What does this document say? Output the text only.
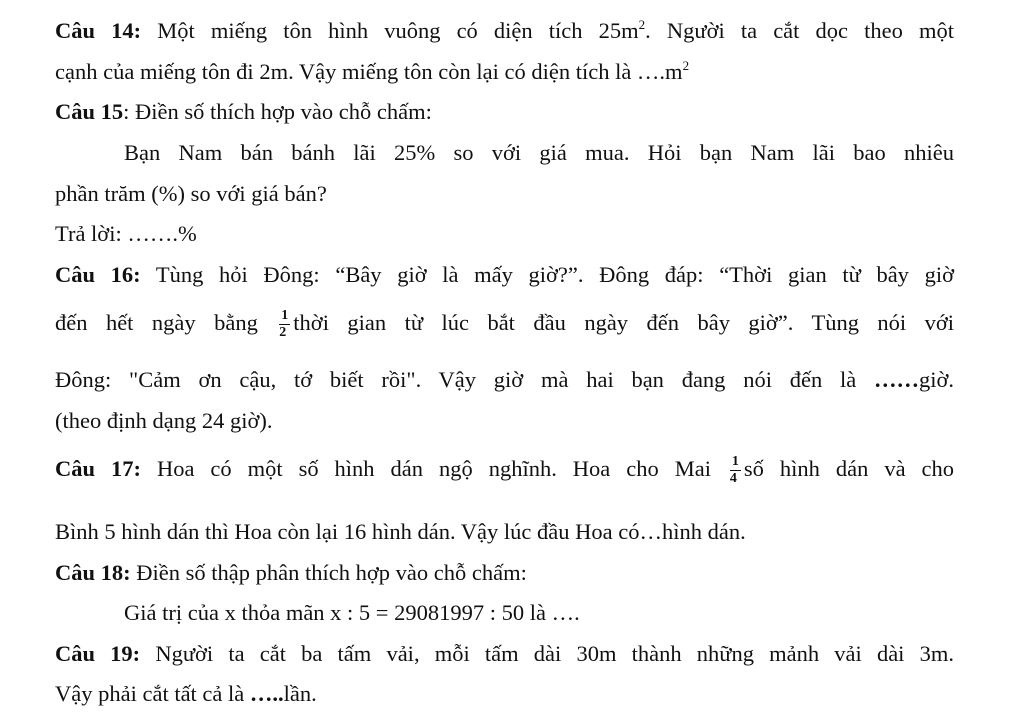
Câu 14: Một miếng tôn hình vuông có diện tích $25m^2$. Người ta cắt dọc theo một
cạnh của miếng tôn đi 2m. Vậy miếng tôn còn lại có diện tích là $\dots.m^2$
Câu 15: Điền số thích hợp vào chỗ chấm:
Bạn Nam bán bánh lãi 25% so với giá mua. Hỏi bạn Nam lãi bao nhiêu
phần trăm (%) so với giá bán?
Trả lời: …….%
Câu 16: Tùng hỏi Đông: “Bây giờ là mấy giờ?”. Đông đáp: “Thời gian từ bây giờ
đến hết ngày bằng $\frac{1}{2}$ thời gian từ lúc bắt đầu ngày đến bây giờ”. Tùng nói với
Đông: "Cảm ơn cậu, tớ biết rồi". Vậy giờ mà hai bạn đang nói đến là ……giờ.
(theo định dạng 24 giờ).
Câu 17: Hoa có một số hình dán ngộ nghĩnh. Hoa cho Mai $\frac{1}{4}$ số hình dán và cho
Bình 5 hình dán thì Hoa còn lại 16 hình dán. Vậy lúc đầu Hoa có…hình dán.
Câu 18: Điền số thập phân thích hợp vào chỗ chấm:
Giá trị của x thỏa mãn x : 5 = 29081997 : 50 là ….
Câu 19: Người ta cắt ba tấm vải, mỗi tấm dài 30m thành những mảnh vải dài 3m.
Vậy phải cắt tất cả là …..lần.
